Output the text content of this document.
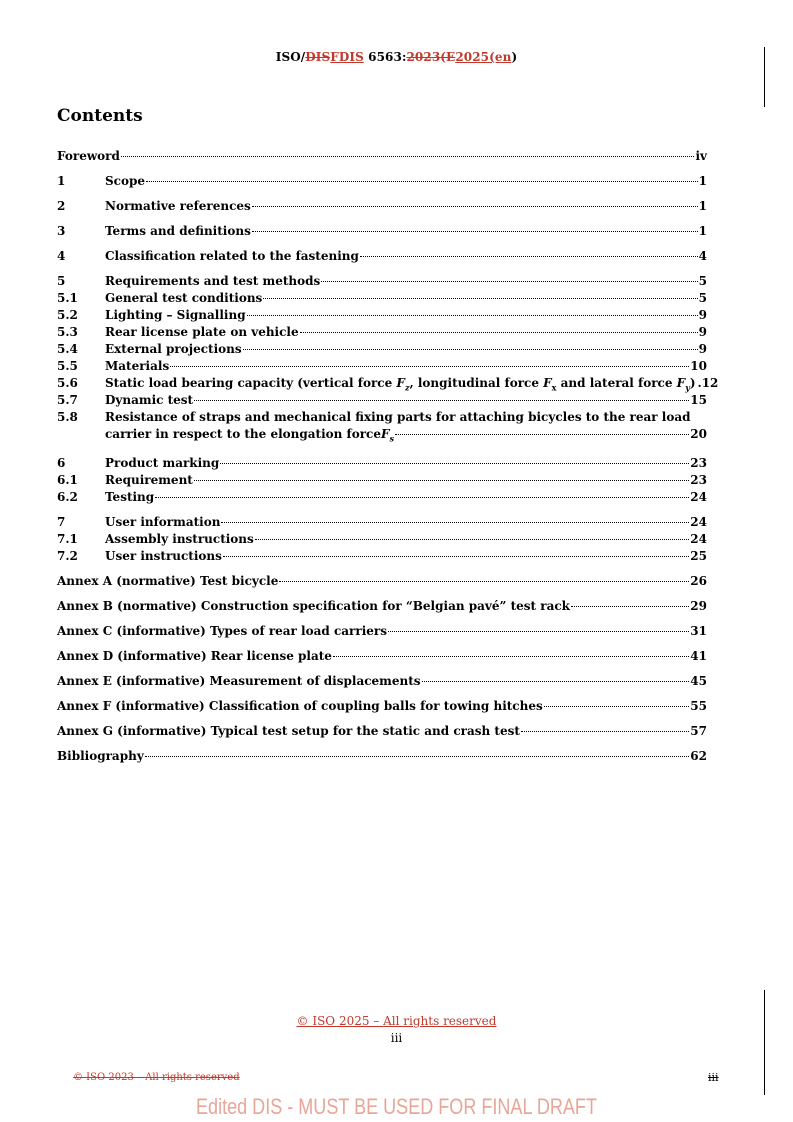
ISO/DISFDIS 6563:2023(E2025(en)
Contents
Foreword	iv
1	Scope	1
2	Normative references	1
3	Terms and definitions	1
4	Classification related to the fastening	4
5	Requirements and test methods	5
5.1	General test conditions	5
5.2	Lighting – Signalling	9
5.3	Rear license plate on vehicle	9
5.4	External projections	9
5.5	Materials	10
5.6	Static load bearing capacity (vertical force $F_z$, longitudinal force $F_x$ and lateral force $F_y$) .12
5.7	Dynamic test	15
5.8	Resistance of straps and mechanical fixing parts for attaching bicycles to the rear load
carrier in respect to the elongation force $F_s$	20
6	Product marking	23
6.1	Requirement	23
6.2	Testing	24
7	User information	24
7.1	Assembly instructions	24
7.2	User instructions	25
Annex A (normative) Test bicycle	26
Annex B (normative) Construction specification for “Belgian pavé” test rack	29
Annex C (informative) Types of rear load carriers	31
Annex D (informative) Rear license plate	41
Annex E (informative) Measurement of displacements	45
Annex F (informative) Classification of coupling balls for towing hitches	55
Annex G (informative) Typical test setup for the static and crash test	57
Bibliography	62
© ISO 2025 – All rights reserved
iii
© ISO 2023 – All rights reserved	iii
Edited DIS - MUST BE USED FOR FINAL DRAFT
